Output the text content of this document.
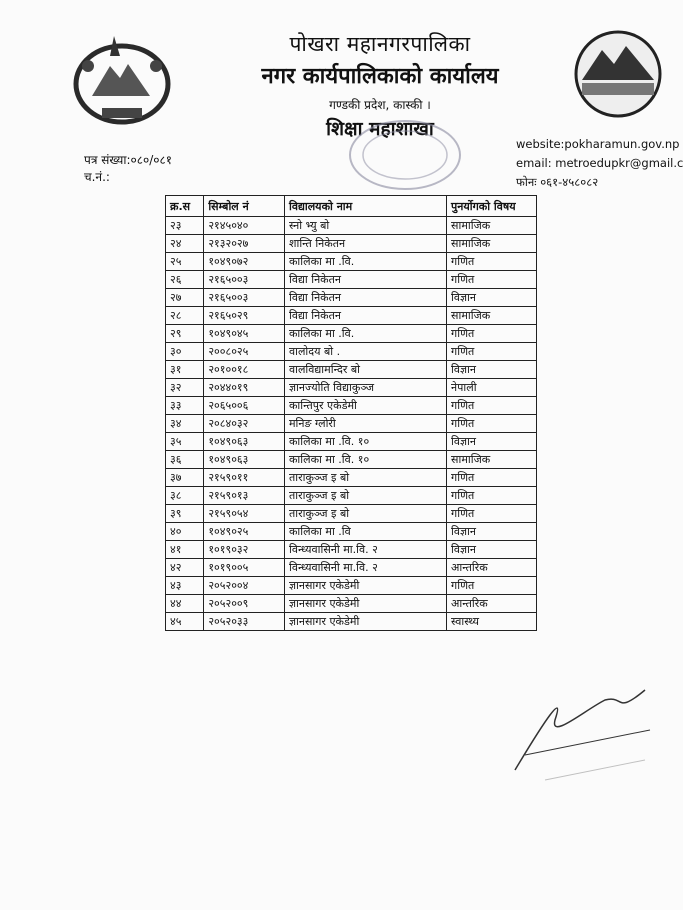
पोखरा महानगरपालिका
नगर कार्यपालिकाको कार्यालय
गण्डकी प्रदेश, कास्की ।
शिक्षा महाशाखा
पत्र संख्या:०८०/०८१
च.नं.:
website:pokharamun.gov.np
email: metroedupkr@gmail.c
फोनः ०६१-४५८०८२
क्र.स	सिम्बोल नं	विद्यालयको नाम	पुनर्योगको विषय
२३	२१४५०४०	स्नो भ्यु बो	सामाजिक
२४	२१३२०२७	शान्ति निकेतन	सामाजिक
२५	१०४९०७२	कालिका मा .वि.	गणित
२६	२१६५००३	विद्या निकेतन	गणित
२७	२१६५००३	विद्या निकेतन	विज्ञान
२८	२१६५०२९	विद्या निकेतन	सामाजिक
२९	१०४९०४५	कालिका मा .वि.	गणित
३०	२००८०२५	वालोदय बो .	गणित
३१	२०१००१८	वालविद्यामन्दिर बो	विज्ञान
३२	२०४४०१९	ज्ञानज्योति विद्याकुञ्ज	नेपाली
३३	२०६५००६	कान्तिपुर एकेडेमी	गणित
३४	२०८४०३२	मनिङ ग्लोरी	गणित
३५	१०४९०६३	कालिका मा .वि. १०	विज्ञान
३६	१०४९०६३	कालिका मा .वि. १०	सामाजिक
३७	२१५९०११	ताराकुञ्ज इ बो	गणित
३८	२१५९०१३	ताराकुञ्ज इ बो	गणित
३९	२१५९०५४	ताराकुञ्ज इ बो	गणित
४०	१०४९०२५	कालिका मा .वि	विज्ञान
४१	१०१९०३२	विन्ध्यवासिनी मा.वि. २	विज्ञान
४२	१०१९००५	विन्ध्यवासिनी मा.वि. २	आन्तरिक
४३	२०५२००४	ज्ञानसागर एकेडेमी	गणित
४४	२०५२००९	ज्ञानसागर एकेडेमी	आन्तरिक
४५	२०५२०३३	ज्ञानसागर एकेडेमी	स्वास्थ्य
